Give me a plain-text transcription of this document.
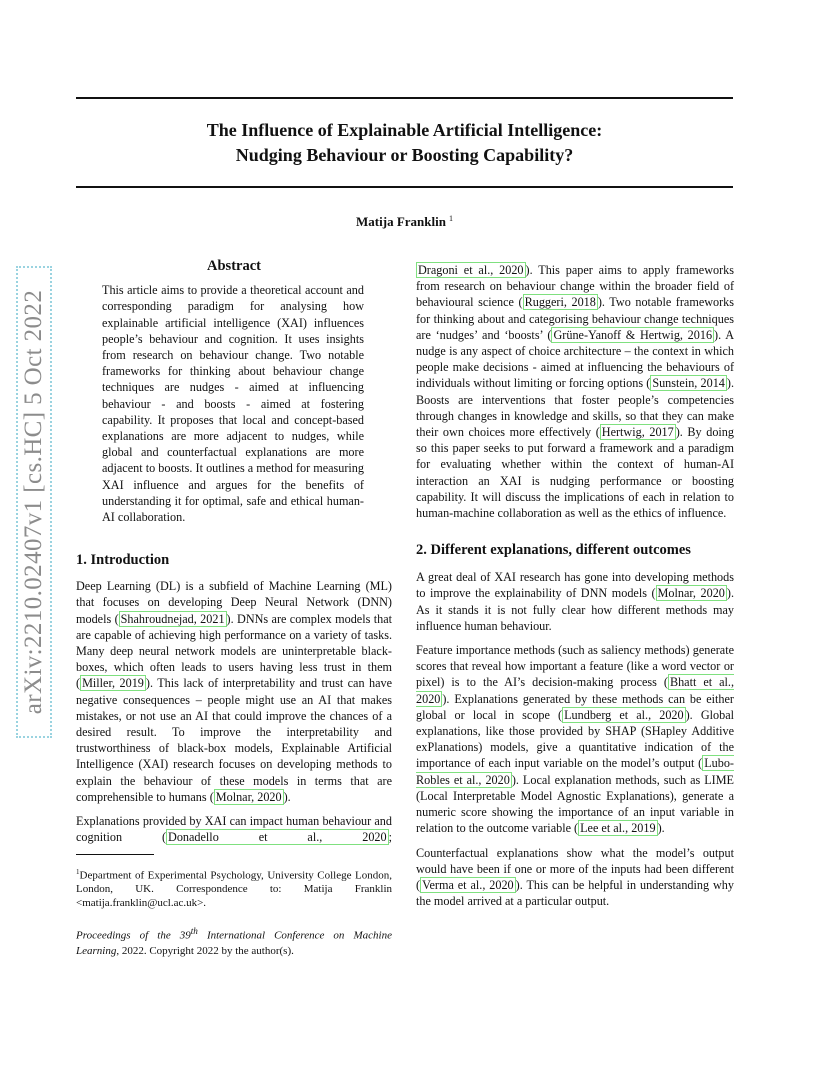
The Influence of Explainable Artificial Intelligence:
Nudging Behaviour or Boosting Capability?
Matija Franklin $^1$
arXiv:2210.02407v1 [cs.HC] 5 Oct 2022
Abstract
This article aims to provide a theoretical account and corresponding paradigm for analysing how explainable artificial intelligence (XAI) influences people’s behaviour and cognition. It uses insights from research on behaviour change. Two notable frameworks for thinking about behaviour change techniques are nudges - aimed at influencing behaviour - and boosts - aimed at fostering capability. It proposes that local and concept-based explanations are more adjacent to nudges, while global and counterfactual explanations are more adjacent to boosts. It outlines a method for measuring XAI influence and argues for the benefits of understanding it for optimal, safe and ethical human-AI collaboration.
1. Introduction

Deep Learning (DL) is a subfield of Machine Learning (ML) that focuses on developing Deep Neural Network (DNN) models ( Shahroudnejad, 2021 ). DNNs are complex models that are capable of achieving high performance on a variety of tasks. Many deep neural network models are uninterpretable black-boxes, which often leads to users having less trust in them ( Miller, 2019 ). This lack of interpretability and trust can have negative consequences – people might use an AI that makes mistakes, or not use an AI that could improve the chances of a desired result. To improve the interpretability and trustworthiness of black-box models, Explainable Artificial Intelligence (XAI) research focuses on developing methods to explain the behaviour of these models in terms that are comprehensible to humans ( Molnar, 2020 ).

Explanations provided by XAI can impact human behaviour and cognition ( Donadello et al., 2020 ;

$^1$Department of Experimental Psychology, University College London, London, UK. Correspondence to: Matija Franklin <matija.franklin@ucl.ac.uk>.
Proceedings of the 39th International Conference on Machine Learning, 2022. Copyright 2022 by the author(s).

Dragoni et al., 2020 ). This paper aims to apply frameworks from research on behaviour change within the broader field of behavioural science ( Ruggeri, 2018 ). Two notable frameworks for thinking about and categorising behaviour change techniques are ‘nudges’ and ‘boosts’ ( Grüne-Yanoff & Hertwig, 2016 ). A nudge is any aspect of choice architecture – the context in which people make decisions - aimed at influencing the behaviours of individuals without limiting or forcing options ( Sunstein, 2014 ). Boosts are interventions that foster people’s competencies through changes in knowledge and skills, so that they can make their own choices more effectively ( Hertwig, 2017 ). By doing so this paper seeks to put forward a framework and a paradigm for evaluating whether within the context of human-AI interaction an XAI is nudging performance or boosting capability. It will discuss the implications of each in relation to human-machine collaboration as well as the ethics of influence.

2. Different explanations, different outcomes

A great deal of XAI research has gone into developing methods to improve the explainability of DNN models ( Molnar, 2020 ). As it stands it is not fully clear how different methods may influence human behaviour.

Feature importance methods (such as saliency methods) generate scores that reveal how important a feature (like a word vector or pixel) is to the AI’s decision-making process ( Bhatt et al., 2020 ). Explanations generated by these methods can be either global or local in scope ( Lundberg et al., 2020 ). Global explanations, like those provided by SHAP (SHapley Additive exPlanations) models, give a quantitative indication of the importance of each input variable on the model’s output ( Lubo-Robles et al., 2020 ). Local explanation methods, such as LIME (Local Interpretable Model Agnostic Explanations), generate a numeric score showing the importance of an input variable in relation to the outcome variable ( Lee et al., 2019 ).

Counterfactual explanations show what the model’s output would have been if one or more of the inputs had been different ( Verma et al., 2020 ). This can be helpful in understanding why the model arrived at a particular output.
